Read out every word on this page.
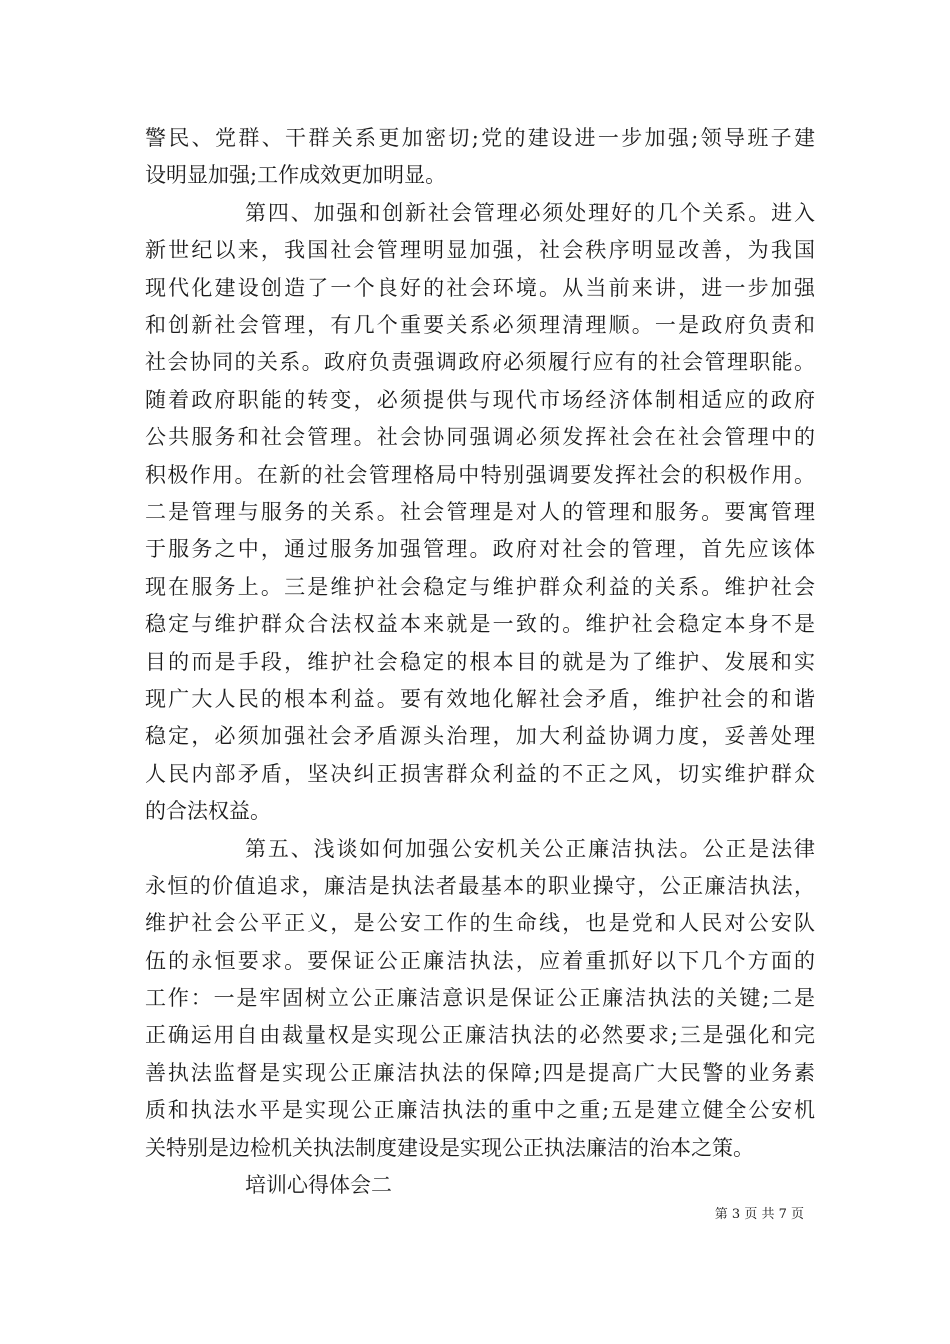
警民、党群、干群关系更加密切;党的建设进一步加强;领导班子建
设明显加强;工作成效更加明显。
第四、加强和创新社会管理必须处理好的几个关系。进入
新世纪以来，我国社会管理明显加强，社会秩序明显改善，为我国
现代化建设创造了一个良好的社会环境。从当前来讲，进一步加强
和创新社会管理，有几个重要关系必须理清理顺。一是政府负责和
社会协同的关系。政府负责强调政府必须履行应有的社会管理职能。
随着政府职能的转变，必须提供与现代市场经济体制相适应的政府
公共服务和社会管理。社会协同强调必须发挥社会在社会管理中的
积极作用。在新的社会管理格局中特别强调要发挥社会的积极作用。
二是管理与服务的关系。社会管理是对人的管理和服务。要寓管理
于服务之中，通过服务加强管理。政府对社会的管理，首先应该体
现在服务上。三是维护社会稳定与维护群众利益的关系。维护社会
稳定与维护群众合法权益本来就是一致的。维护社会稳定本身不是
目的而是手段，维护社会稳定的根本目的就是为了维护、发展和实
现广大人民的根本利益。要有效地化解社会矛盾，维护社会的和谐
稳定，必须加强社会矛盾源头治理，加大利益协调力度，妥善处理
人民内部矛盾，坚决纠正损害群众利益的不正之风，切实维护群众
的合法权益。
第五、浅谈如何加强公安机关公正廉洁执法。公正是法律
永恒的价值追求，廉洁是执法者最基本的职业操守，公正廉洁执法，
维护社会公平正义，是公安工作的生命线，也是党和人民对公安队
伍的永恒要求。要保证公正廉洁执法，应着重抓好以下几个方面的
工作：一是牢固树立公正廉洁意识是保证公正廉洁执法的关键;二是
正确运用自由裁量权是实现公正廉洁执法的必然要求;三是强化和完
善执法监督是实现公正廉洁执法的保障;四是提高广大民警的业务素
质和执法水平是实现公正廉洁执法的重中之重;五是建立健全公安机
关特别是边检机关执法制度建设是实现公正执法廉洁的治本之策。
培训心得体会二
第 3 页 共 7 页
